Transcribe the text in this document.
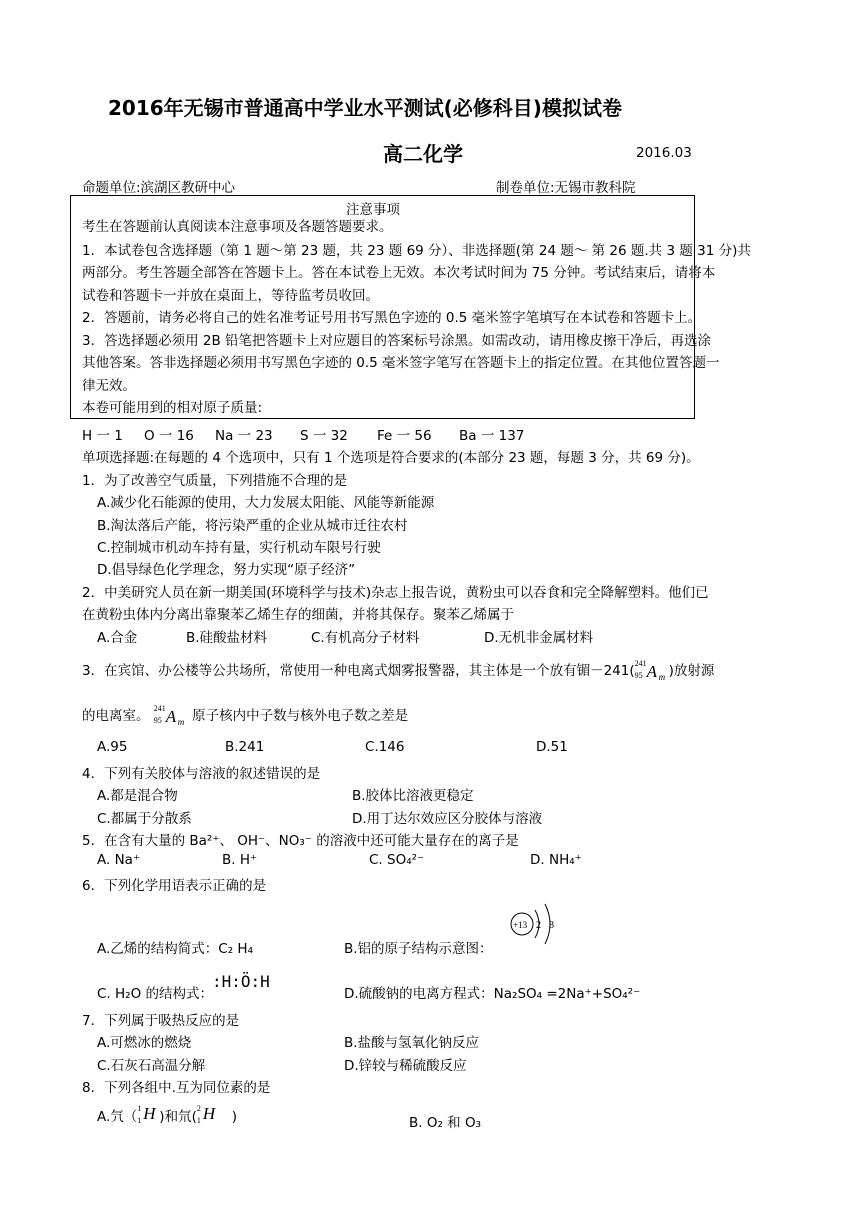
2016年无锡市普通高中学业水平测试(必修科目)模拟试卷
高二化学	2016.03
命题单位:滨湖区教研中心	制卷单位:无锡市教科院
注意事项
考生在答题前认真阅读本注意事项及各题答题要求。
1．本试卷包含选择题（第 1 题～第 23 题，共 23 题 69 分）、非选择题(第 24 题～ 第 26 题.共 3 题 31 分)共
两部分。考生答题全部答在答题卡上。答在本试卷上无效。本次考试时间为 75 分钟。考试结束后，请将本
试卷和答题卡一并放在桌面上，等待监考员收回。
2．答题前，请务必将自己的姓名准考证号用书写黑色字迹的 0.5 毫米签字笔填写在本试卷和答题卡上。
3．答选择题必须用 2B 铅笔把答题卡上对应题目的答案标号涂黑。如需改动，请用橡皮擦干净后，再选涂
其他答案。答非选择题必须用书写黑色字迹的 0.5 毫米签字笔写在答题卡上的指定位置。在其他位置答题一
律无效。
本卷可能用到的相对原子质量:
H 一 1 O 一 16 Na 一 23 S 一 32 Fe 一 56 Ba 一 137
单项选择题:在每题的 4 个选项中，只有 1 个选项是符合要求的(本部分 23 题，每题 3 分，共 69 分)。
1．为了改善空气质量，下列措施不合理的是
A.减少化石能源的使用，大力发展太阳能、风能等新能源
B.淘汰落后产能，将污染严重的企业从城市迁往农村
C.控制城市机动车持有量，实行机动车限号行驶
D.倡导绿色化学理念，努力实现“原子经济”
2．中美研究人员在新一期美国(环境科学与技术)杂志上报告说，黄粉虫可以吞食和完全降解塑料。他们已
在黄粉虫体内分离出靠聚苯乙烯生存的细菌，并将其保存。聚苯乙烯属于
A.合金	B.硅酸盐材料	C.有机高分子材料	D.无机非金属材料
3．在宾馆、办公楼等公共场所，常使用一种电离式烟雾报警器，其主体是一个放有镅－241( 241
95 A m )放射源
的电离室。 241
95 A m 原子核内中子数与核外电子数之差是
A.95	B.241	C.146	D.51
4．下列有关胶体与溶液的叙述错误的是
A.都是混合物	B.胶体比溶液更稳定
C.都属于分散系	D.用丁达尔效应区分胶体与溶液
5．在含有大量的 Ba²⁺、 OH⁻、NO₃⁻ 的溶液中还可能大量存在的离子是
A. Na⁺	B. H⁺	C. SO₄²⁻	D. NH₄⁺
6．下列化学用语表示正确的是
A.乙烯的结构简式：C₂ H₄	B.铝的原子结构示意图：
+13 2 8
C. H₂O 的结构式：
:H:Ö:H
D.硫酸钠的电离方程式：Na₂SO₄ =2Na⁺+SO₄²⁻
7．下列属于吸热反应的是
A.可燃冰的燃烧	B.盐酸与氢氧化钠反应
C.石灰石高温分解	D.锌较与稀硫酸反应
8．下列各组中.互为同位素的是
A.氕（
1
1 H )和氘(
2
1 H )	B. O₂ 和 O₃
